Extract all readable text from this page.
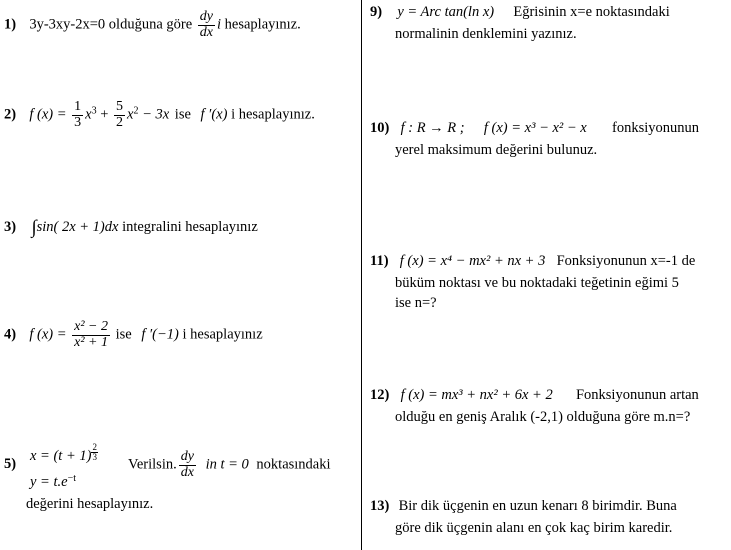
1) 3y-3xy-2x=0 olduğuna göre $\frac{dy}{dx}$ i hesaplayınız.
2) f $(x) = \frac{1}{3} x^3 + \frac{5}{2} x^2 - 3x$ ise f ′(x) i hesaplayınız.
3) ∫sin( 2x + 1)dx integralini hesaplayınız
4) f $(x) = \frac{\text{x² − 2}}{\text{x² + 1}}$ ise f ′(−1) i hesaplayınız
5) $x = (t + 1) \frac{2}{3}$
$y = t.e^{-t}$
Verilsin. $\frac{dy}{dx}$ in t = 0 noktasındaki
değerini hesaplayınız.
9) y = Arc tan(ln x) Eğrisinin x=e noktasındaki
normalinin denklemini yazınız.
10) f : R → R ; f (x) = x³ − x² − x fonksiyonunun
yerel maksimum değerini bulunuz.
11) f (x) = x⁴ − mx² + nx + 3 Fonksiyonunun x=-1 de
büküm noktası ve bu noktadaki teğetinin eğimi 5
ise n=?
12) f (x) = mx³ + nx² + 6x + 2 Fonksiyonunun artan
olduğu en geniş Aralık (-2,1) olduğuna göre m.n=?
13) Bir dik üçgenin en uzun kenarı 8 birimdir. Buna
göre dik üçgenin alanı en çok kaç birim karedir.
